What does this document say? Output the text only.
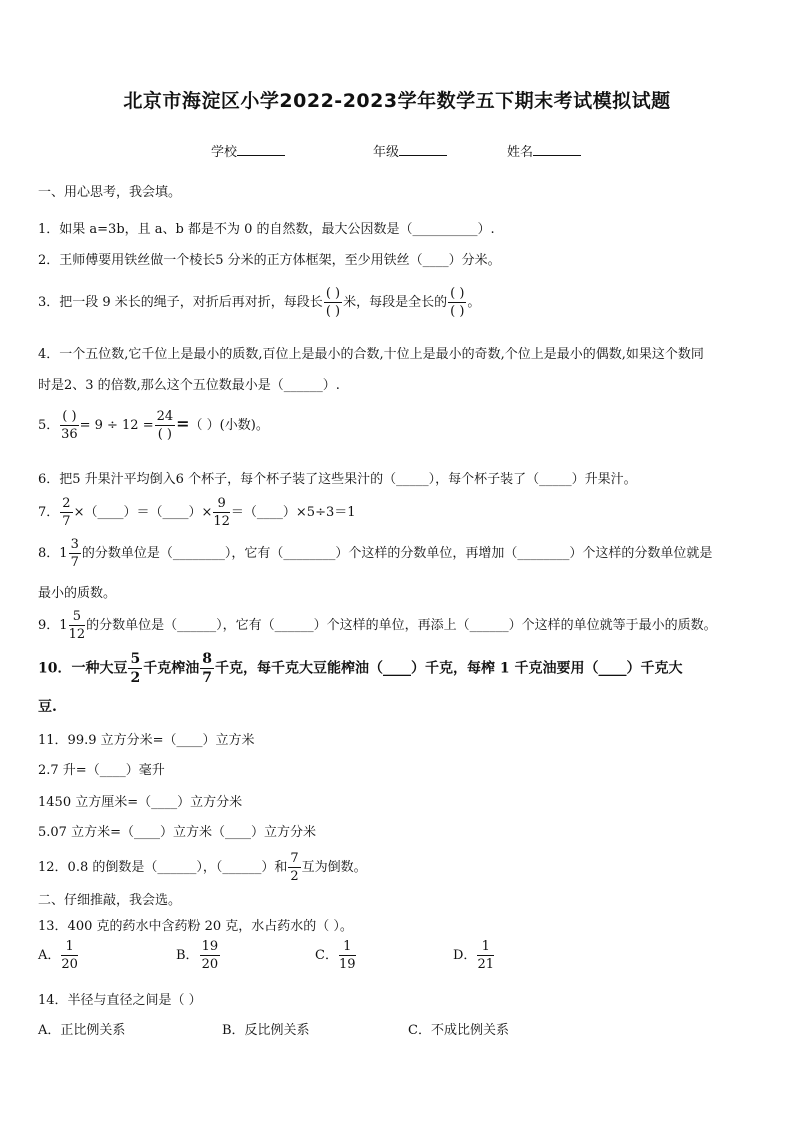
北京市海淀区小学2022-2023学年数学五下期末考试模拟试题
学校	年级	姓名
一、用心思考，我会填。
1．如果 a=3b，且 a、b 都是不为 0 的自然数，最大公因数是（__________）.
2．王师傅要用铁丝做一个棱长5 分米的正方体框架，至少用铁丝（____）分米。
3．把一段 9 米长的绳子，对折后再对折，每段长 $\frac{( )}{( )}$ 米，每段是全长的 $\frac{( )}{( )}$ 。
4．一个五位数,它千位上是最小的质数,百位上是最小的合数,十位上是最小的奇数,个位上是最小的偶数,如果这个数同
时是2、3 的倍数,那么这个五位数最小是（______）.
5． $\frac{( )}{36} = 9 \div 12 = \frac{24}{( )}$ =（ ）(小数)。
6．把5 升果汁平均倒入6 个杯子，每个杯子装了这些果汁的（_____），每个杯子装了（_____）升果汁。
7． $\frac{2}{7}$ ×（____）＝（____）× $\frac{9}{12}$ ＝（____）×5÷3＝1
8．$1 \frac{3}{7}$ 的分数单位是（________），它有（________）个这样的分数单位，再增加（________）个这样的分数单位就是
最小的质数。
9．$1 \frac{5}{12}$ 的分数单位是（______），它有（______）个这样的单位，再添上（______）个这样的单位就等于最小的质数。
10．一种大豆 $\frac{5}{2}$ 千克榨油 $\frac{8}{7}$ 千克，每千克大豆能榨油（____）千克，每榨 1 千克油要用（____）千克大
豆.
11．99.9 立方分米=（____）立方米
2.7 升=（____）毫升
1450 立方厘米=（____）立方分米
5.07 立方米=（____）立方米（____）立方分米
12．0.8 的倒数是（______），（______）和 $\frac{7}{2}$ 互为倒数。
二、仔细推敲，我会选。
13．400 克的药水中含药粉 20 克，水占药水的（ ）。
A． $\frac{1}{20}$	B． $\frac{19}{20}$	C． $\frac{1}{19}$	D． $\frac{1}{21}$
14．半径与直径之间是（ ）
A．正比例关系	B．反比例关系	C．不成比例关系
